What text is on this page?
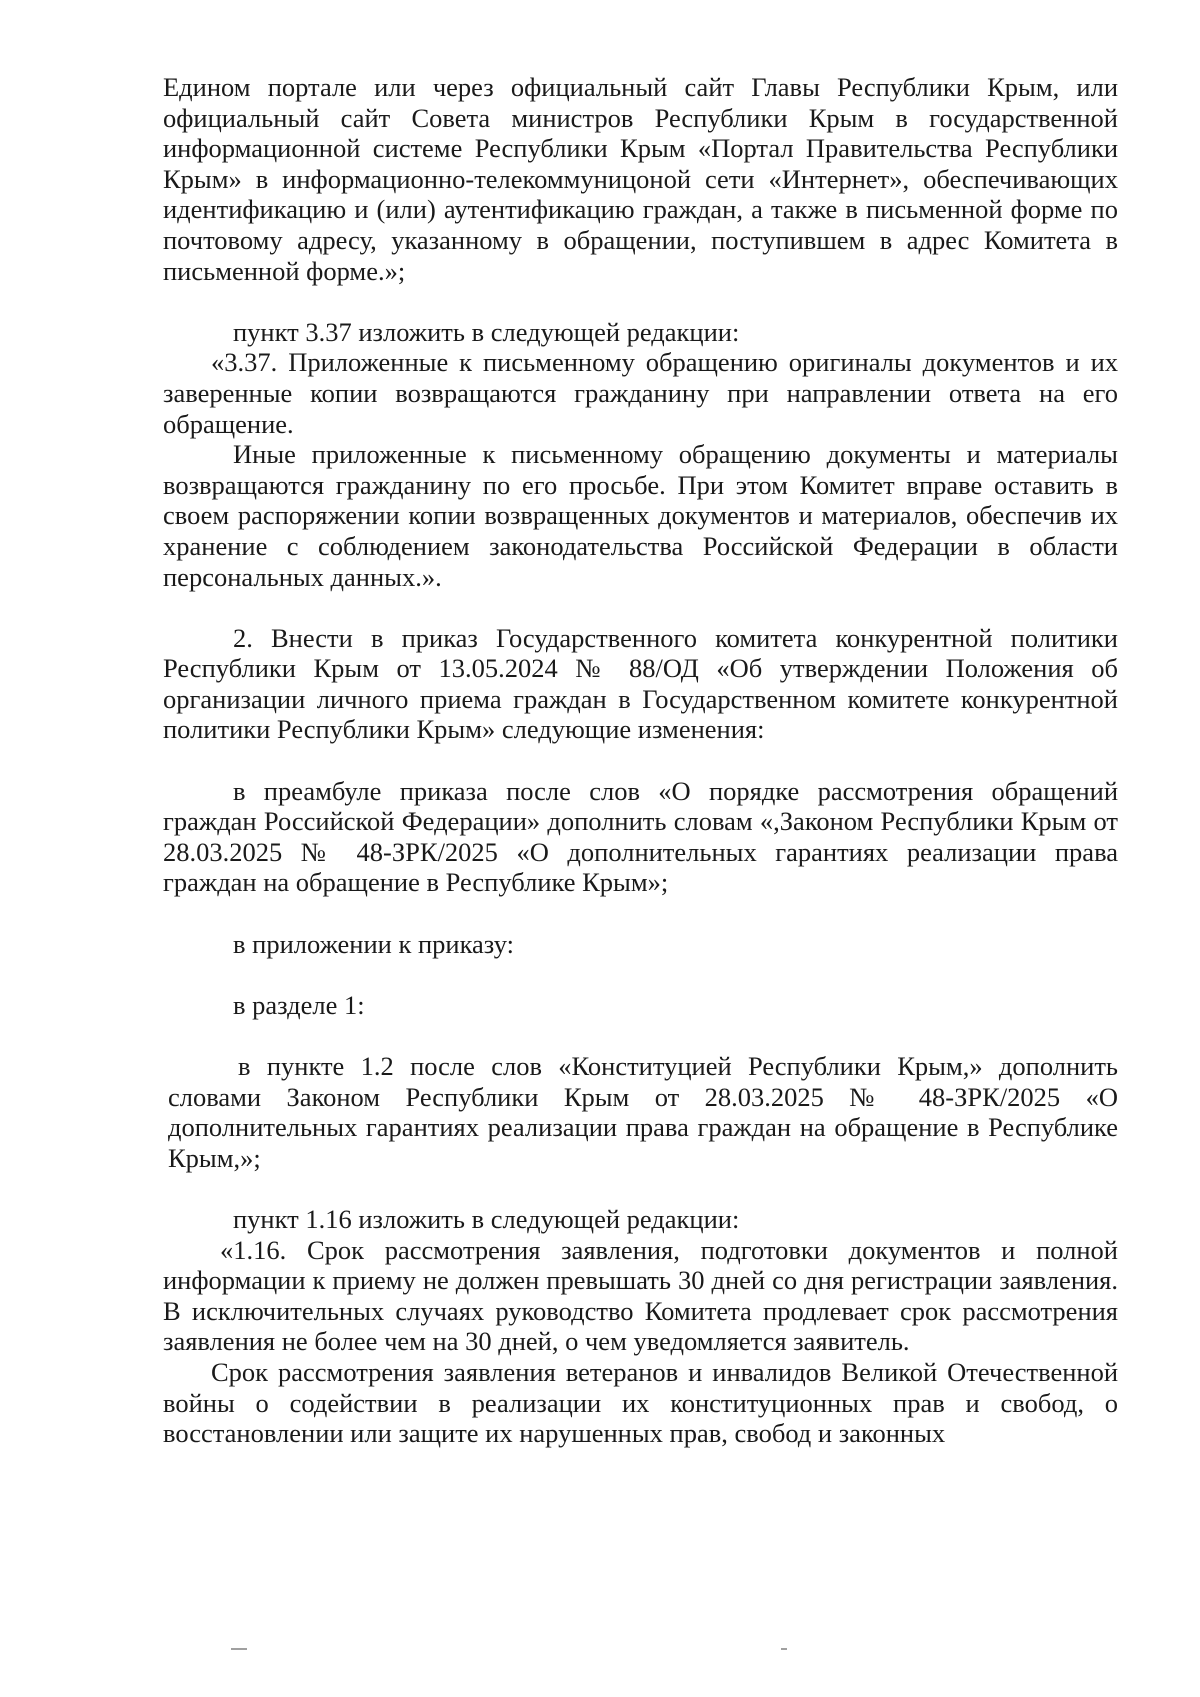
Едином портале или через официальный сайт Главы Республики Крым, или официальный сайт Совета министров Республики Крым в государственной информационной системе Республики Крым «Портал Правительства Республики Крым» в информационно-телекоммуницоной сети «Интернет», обеспечивающих идентификацию и (или) аутентификацию граждан, а также в письменной форме по почтовому адресу, указанному в обращении, поступившем в адрес Комитета в письменной форме.»;

пункт 3.37 изложить в следующей редакции:

«3.37. Приложенные к письменному обращению оригиналы документов и их заверенные копии возвращаются гражданину при направлении ответа на его обращение.

Иные приложенные к письменному обращению документы и материалы возвращаются гражданину по его просьбе. При этом Комитет вправе оставить в своем распоряжении копии возвращенных документов и материалов, обеспечив их хранение с соблюдением законодательства Российской Федерации в области персональных данных.».

2. Внести в приказ Государственного комитета конкурентной политики Республики Крым от 13.05.2024 № 88/ОД «Об утверждении Положения об организации личного приема граждан в Государственном комитете конкурентной политики Республики Крым» следующие изменения:

в преамбуле приказа после слов «О порядке рассмотрения обращений граждан Российской Федерации» дополнить словам «,Законом Республики Крым от 28.03.2025 № 48-ЗРК/2025 «О дополнительных гарантиях реализации права граждан на обращение в Республике Крым»;

в приложении к приказу:

в разделе 1:

в пункте 1.2 после слов «Конституцией Республики Крым,» дополнить словами Законом Республики Крым от 28.03.2025 № 48-ЗРК/2025 «О дополнительных гарантиях реализации права граждан на обращение в Республике Крым,»;

пункт 1.16 изложить в следующей редакции:

«1.16. Срок рассмотрения заявления, подготовки документов и полной информации к приему не должен превышать 30 дней со дня регистрации заявления. В исключительных случаях руководство Комитета продлевает срок рассмотрения заявления не более чем на 30 дней, о чем уведомляется заявитель.

Срок рассмотрения заявления ветеранов и инвалидов Великой Отечественной войны о содействии в реализации их конституционных прав и свобод, о восстановлении или защите их нарушенных прав, свобод и законных
